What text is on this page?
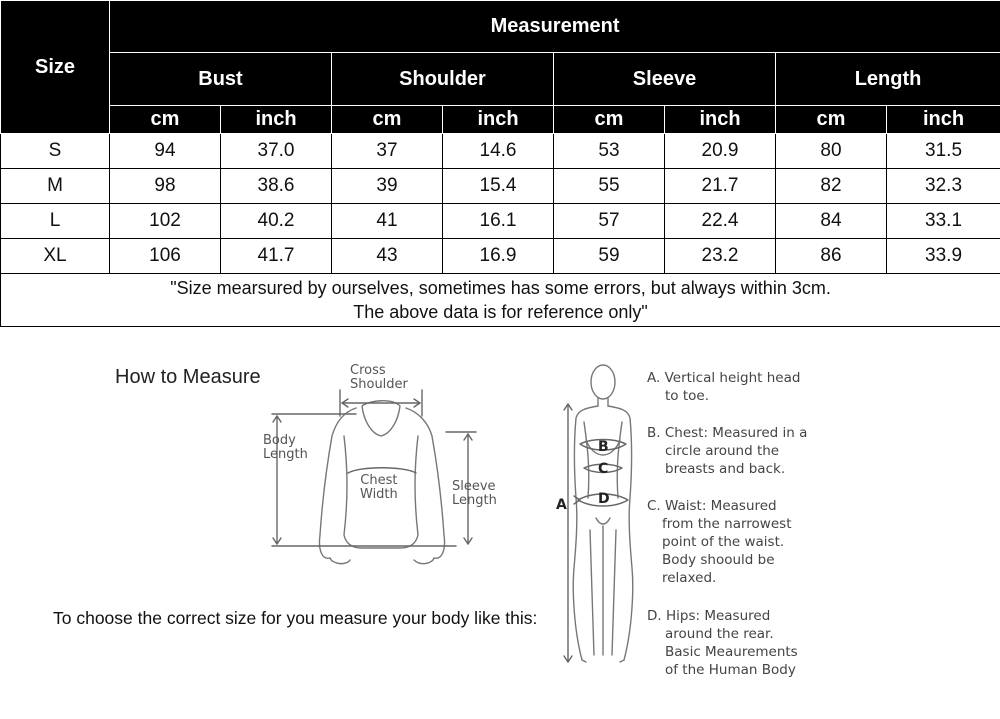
Size	Measurement							
	Bust		Shoulder		Sleeve		Length	
	cm	inch	cm	inch	cm	inch	cm	inch
S	94	37.0	37	14.6	53	20.9	80	31.5
M	98	38.6	39	15.4	55	21.7	82	32.3
L	102	40.2	41	16.1	57	22.4	84	33.1
XL	106	41.7	43	16.9	59	23.2	86	33.9

"Size mearsured by ourselves, sometimes has some errors, but always within 3cm.
The above data is for reference only"								
How to Measure
To choose the correct size for you measure your body like this:
Cross
Shoulder
Body
Length
Chest
Width
Sleeve
Length	A
B
C
D
A. Vertical height head
to toe.
B. Chest: Measured in a
circle around the
breasts and back.
C. Waist: Measured
from the narrowest
point of the waist.
Body shoould be
relaxed.
D. Hips: Measured
around the rear.
Basic Meaurements
of the Human Body
